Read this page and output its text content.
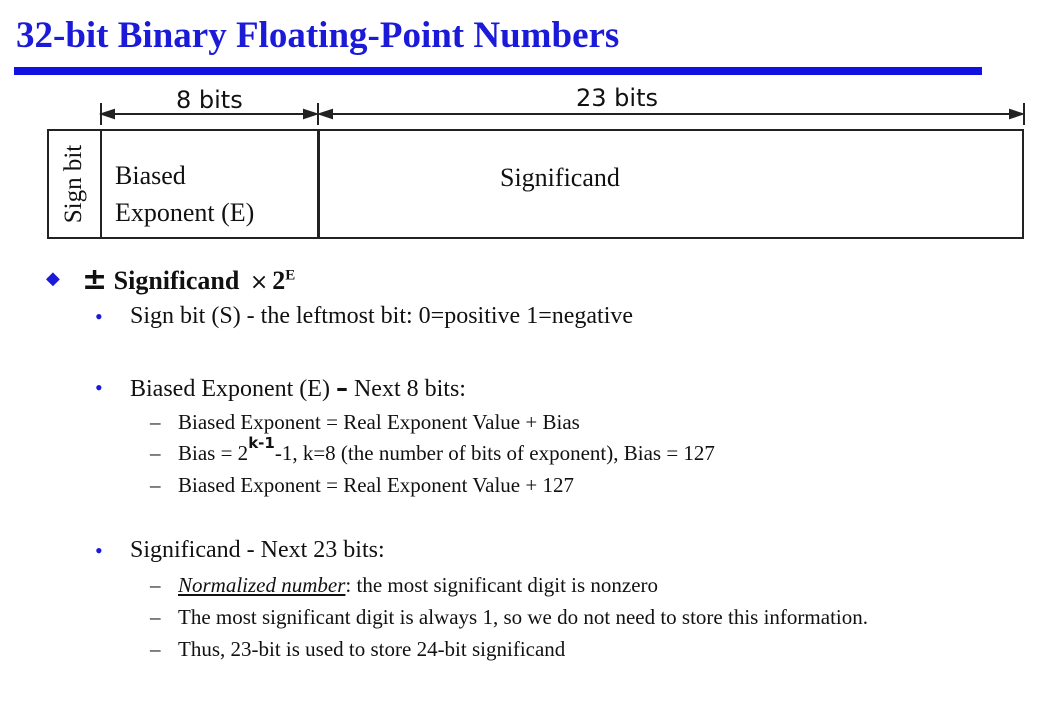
32-bit Binary Floating-Point Numbers
8 bits	23 bits
Sign bit Biased
Exponent (E)
Significand
◆ ± Significand × $2^E$
• Sign bit (S) - the leftmost bit: 0=positive 1=negative
• Biased Exponent (E) – Next 8 bits:
– Biased Exponent = Real Exponent Value + Bias
– Bias = $2^{k-1}-1$, k=8 (the number of bits of exponent), Bias = 127
– Biased Exponent = Real Exponent Value + 127
• Significand - Next 23 bits:
– Normalized number: the most significant digit is nonzero
– The most significant digit is always 1, so we do not need to store this information.
– Thus, 23-bit is used to store 24-bit significand
